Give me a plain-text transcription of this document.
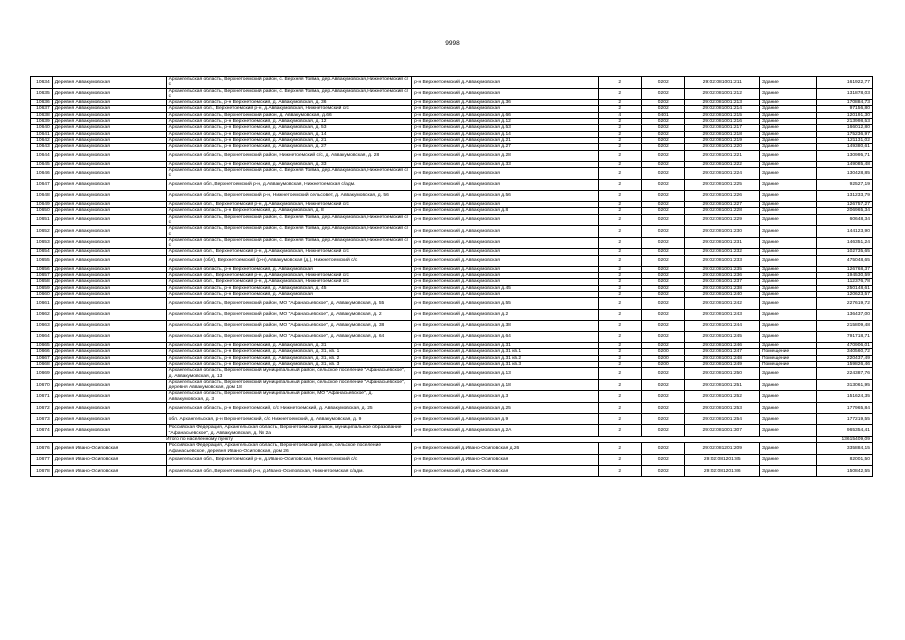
9998
10634	Деревня Аввакумовская	Архангельская область, Верхнетоемский район, с. Верхняя Тойма, дер.Аввакумовская,Нижнетоемский с/с	р-н Верхнетоемский д.Аввакумовская	2	0202	29:02:081001:211	Здание	161922,77
10635	Деревня Аввакумовская	Архангельская область, Верхнетоемский район, с. Верхняя Тойма, дер.Аввакумовская,Нижнетоемский с/с	р-н Верхнетоемский д.Аввакумовская	2	0202	29:02:081001:212	Здание	131878,03
10636	Деревня Аввакумовская	Архангельская область, р-н Верхнетоемский, д. Аввакумовская, д. 36	р-н Верхнетоемский д.Аввакумовская д.36	2	0202	29:02:081001:213	Здание	170884,73
10637	Деревня Аввакумовская	Архангельская обл., Верхнетоемский р-н, д.Аввакумовская, Нижнетоемский с/с	р-н Верхнетоемский д.Аввакумовская	2	0202	29:02:081001:214	Здание	97156,80
10638	Деревня Аввакумовская	Архангельская область, Верхнетоемский район, д. Аввакумовская, д.66	р-н Верхнетоемский д.Аввакумовская д.66	4	0401	29:02:081001:215	Здание	120191,30
10639	Деревня Аввакумовская	Архангельская область, р-н Верхнетоемский, д. Аввакумовская, д. 12	р-н Верхнетоемский д.Аввакумовская д.12	2	0202	29:02:081001:216	Здание	213998,53
10640	Деревня Аввакумовская	Архангельская область, р-н Верхнетоемский, д. Аввакумовская, д. 53	р-н Верхнетоемский д.Аввакумовская д.53	2	0202	29:02:081001:217	Здание	166012,80
10641	Деревня Аввакумовская	Архангельская область, р-н Верхнетоемский, д. Аввакумовская, д. 14	р-н Верхнетоемский д.Аввакумовская д.14	2	0202	29:02:081001:218	Здание	175236,97
10642	Деревня Аввакумовская	Архангельская область, р-н Верхнетоемский, д. Аввакумовская, д. 21	р-н Верхнетоемский д.Аввакумовская д.21	2	0202	29:02:081001:219	Здание	121131,02
10643	Деревня Аввакумовская	Архангельская область, р-н Верхнетоемский, д. Аввакумовская, д. 27	р-н Верхнетоемский д.Аввакумовская д.27	2	0202	29:02:081001:220	Здание	149380,61
10644	Деревня Аввакумовская	Архангельская область, Верхнетоемский район, Нижнетоемский с/с, д. Аввакумовская, д. 28	р-н Верхнетоемский д.Аввакумовская д.28	2	0202	29:02:081001:221	Здание	130995,71
10645	Деревня Аввакумовская	Архангельская область, р-н Верхнетоемский, д. Аввакумовская, д. 33	р-н Верхнетоемский д.Аввакумовская д.33	2	0202	29:02:081001:222	Здание	149085,48
10646	Деревня Аввакумовская	Архангельская область, Верхнетоемский район, с. Верхняя Тойма, дер.Аввакумовская,Нижнетоемский с/с	р-н Верхнетоемский д.Аввакумовская	2	0202	29:02:081001:224	Здание	130428,85
10647	Деревня Аввакумовская	Архангельская обл.,Верхнетоемский р-н, д.Аввакумовская, Нижнетоемская с/адм.	р-н Верхнетоемский д.Аввакумовская	2	0202	29:02:081001:225	Здание	92527,19
10648	Деревня Аввакумовская	Архангельская область, Верхнетоемский р-н, Нижнетоемский сельсовет, д. Аввакумовская, д. 56	р-н Верхнетоемский д.Аввакумовская д.56	2	0202	29:02:081001:226	Здание	131233,79
10649	Деревня Аввакумовская	Архангельская обл., Верхнетоемский р-н, д.Аввакумовская, Нижнетоемский с/с	р-н Верхнетоемский д.Аввакумовская	2	0202	29:02:081001:227	Здание	126757,27
10650	Деревня Аввакумовская	Архангельская область, р-н Верхнетоемский, д. Аввакумовская, д. 8	р-н Верхнетоемский д.Аввакумовская д.8	2	0202	29:02:081001:228	Здание	206965,34
10651	Деревня Аввакумовская	Архангельская область, Верхнетоемский район, с. Верхняя Тойма, дер.Аввакумовская,Нижнетоемский с/с	р-н Верхнетоемский д.Аввакумовская	2	0202	29:02:081001:229	Здание	60648,34
10652	Деревня Аввакумовская	Архангельская область, Верхнетоемский район, с. Верхняя Тойма, дер.Аввакумовская,Нижнетоемский с/с	р-н Верхнетоемский д.Аввакумовская	2	0202	29:02:081001:230	Здание	144123,90
10653	Деревня Аввакумовская	Архангельская область, Верхнетоемский район, с. Верхняя Тойма, дер.Аввакумовская,Нижнетоемский с/с	р-н Верхнетоемский д.Аввакумовская	2	0202	29:02:081001:231	Здание	146351,24
10654	Деревня Аввакумовская	Архангельская обл., Верхнетоемский р-н, д.Аввакумовская, Нижнетоемский с/с	р-н Верхнетоемский д.Аввакумовская	2	0202	29:02:081001:232	Здание	102735,65
10655	Деревня Аввакумовская	Архангельская (обл), Верхнетоемский (р-н),Аввакумовская (д.), Нижнетоемский с/с	р-н Верхнетоемский д.Аввакумовская	2	0202	29:02:081001:233	Здание	475048,65
10656	Деревня Аввакумовская	Архангельская область, р-н Верхнетоемский, д. Аввакумовская	р-н Верхнетоемский д.Аввакумовская	2	0202	29:02:081001:235	Здание	126768,37
10657	Деревня Аввакумовская	Архангельская обл., Верхнетоемский р-н, д.Аввакумовская, Нижнетоемский с/с	р-н Верхнетоемский д.Аввакумовская	2	0202	29:02:081001:236	Здание	194530,59
10658	Деревня Аввакумовская	Архангельская обл., Верхнетоемский р-н, д.Аввакумовская, Нижнетоемский с/с	р-н Верхнетоемский д.Аввакумовская	2	0202	29:02:081001:237	Здание	112376,78
10659	Деревня Аввакумовская	Архангельская область, р-н Верхнетоемский, д. Аввакумовская, д. 45	р-н Верхнетоемский д.Аввакумовская д.45	2	0202	29:02:081001:238	Здание	250148,61
10660	Деревня Аввакумовская	Архангельская область, р-н Верхнетоемский, д. Аввакумовская	р-н Верхнетоемский д.Аввакумовская	2	0202	29:02:081001:240	Здание	120623,57
10661	Деревня Аввакумовская	Архангельская область, Верхнетоемский район, МО "Афанасьевское", д. Аввакумовская, д. 55	р-н Верхнетоемский д.Аввакумовская д.55	2	0202	29:02:081001:242	Здание	227619,72
10662	Деревня Аввакумовская	Архангельская область, Верхнетоемский район, МО "Афанасьевское", д. Аввакумовская, д. 2	р-н Верхнетоемский д.Аввакумовская д.2	2	0202	29:02:081001:243	Здание	136437,00
10663	Деревня Аввакумовская	Архангельская область, Верхнетоемский район, МО "Афанасьевское", д. Аввакумовская, д. 38	р-н Верхнетоемский д.Аввакумовская д.38	2	0202	29:02:081001:244	Здание	215809,48
10664	Деревня Аввакумовская	Архангельская область, Верхнетоемский район, МО "Афанасьевское", д. Аввакумовская, д. 64	р-н Верхнетоемский д.Аввакумовская д.64	2	0202	29:02:081001:245	Здание	791718,71
10665	Деревня Аввакумовская	Архангельская область, р-н Верхнетоемский, д. Аввакумовская, д. 31	р-н Верхнетоемский д.Аввакумовская д.31	2	0202	29:02:081001:246	Здание	470906,01
10666	Деревня Аввакумовская	Архангельская область, р-н Верхнетоемский, д. Аввакумовская, д. 31, кв. 1	р-н Верхнетоемский д.Аввакумовская д.31 кв.1	2	0200	29:02:081001:247	Помещение	340560,72
10667	Деревня Аввакумовская	Архангельская область, р-н Верхнетоемский, д. Аввакумовская, д. 31, кв. 2	р-н Верхнетоемский д.Аввакумовская д.31 кв.2	2	0200	29:02:081001:248	Помещение	220437,49
10668	Деревня Аввакумовская	Архангельская область, р-н Верхнетоемский, д. Аввакумовская, д. 31, кв. 3	р-н Верхнетоемский д.Аввакумовская д.31 кв.3	2	0200	29:02:081001:249	Помещение	159826,46
10669	Деревня Аввакумовская	Архангельская область, Верхнетоемский муниципальный район, сельское поселение "Афанасьевское", д. Аввакумовская, д. 13	р-н Верхнетоемский д.Аввакумовская д.13	2	0202	29:02:081001:250	Здание	224387,76
10670	Деревня Аввакумовская	Архангельская область, Верхнетоемский муниципальный район, сельское поселение "Афанасьевское", деревня Аввакумовская, дом 18	р-н Верхнетоемский д.Аввакумовская д.18	2	0202	29:02:081001:251	Здание	313061,95
10671	Деревня Аввакумовская	Архангельская область, Верхнетоемский муниципальный район, МО "Афанасьевское", д. Аввакумовская, д. 3	р-н Верхнетоемский д.Аввакумовская д.3	2	0202	29:02:081001:252	Здание	151624,35
10672	Деревня Аввакумовская	Архангельская область, р-н Верхнетоемский, с/с Нижнетоемский, д. Аввакумовская, д. 25	р-н Верхнетоемский д.Аввакумовская д.25	2	0202	29:02:081001:253	Здание	177965,84
10673	Деревня Аввакумовская	обл. Архангельская, р-н Верхнетоемский, с/с Нижнетоемский, д. Аввакумовская, д. 9	р-н Верхнетоемский д.Аввакумовская д.9	2	0202	29:02:081001:254	Здание	177219,55
10674	Деревня Аввакумовская	Российская Федерация, Архангельская область, Верхнетоемский район, муниципальное образование "Афанасьевское", д. Аввакумовская, д. № 2а	р-н Верхнетоемский д.Аввакумовская д.2А	2	0202	29:02:081001:307	Здание	965354,41
Итого по населенному пункту								13615409,09
10676	Деревня Ивано-Осиповская	Российская Федерация, Архангельская область, Верхнетоемский район, сельское поселение Афанасьевское, деревня Ивано-Осиповская, дом 26	р-н Верхнетоемский д.Ивано-Осиповская д.26	2	0202	29:02:081201:209	Здание	335884,15
10677	Деревня Ивано-Осиповская	Архангельская обл., Верхнетоемский р-н, д.Ивано-Осиповская, Нижнетоемский с/с	р-н Верхнетоемский д.Ивано-Осиповская	2	0202	29:02:081201:85	Здание	82001,50
10678	Деревня Ивано-Осиповская	Архангельская обл.,Верхнетоемский р-н, д.Ивано-Осиповская, Нижнетоемская с/адм.	р-н Верхнетоемский д.Ивано-Осиповская	2	0202	29:02:081201:86	Здание	150842,55
